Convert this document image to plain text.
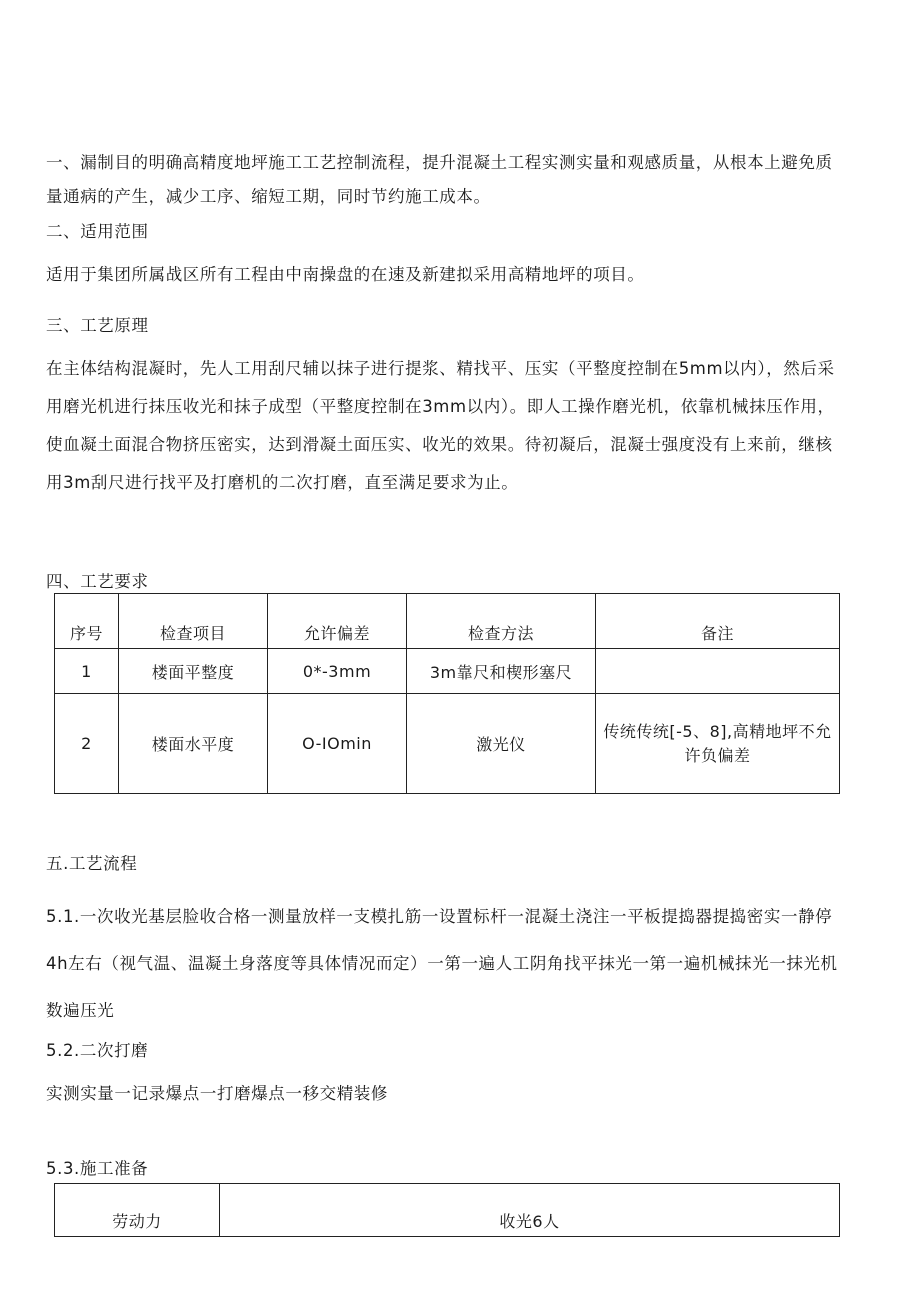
一、漏制目的明确高精度地坪施工工艺控制流程，提升混凝土工程实测实量和观感质量，从根本上避免质量通病的产生，减少工序、缩短工期，同时节约施工成本。

二、适用范围

适用于集团所属战区所有工程由中南操盘的在速及新建拟采用高精地坪的项目。

三、工艺原理

在主体结构混凝时，先人工用刮尺辅以抹子进行提浆、精找平、压实（平整度控制在5mm以内），然后采用磨光机进行抹压收光和抹子成型（平整度控制在3mm以内）。即人工操作磨光机，依靠机械抹压作用，使血凝土面混合物挤压密实，达到滑凝土面压实、收光的效果。待初凝后，混凝士强度没有上来前，继核用3m刮尺进行找平及打磨机的二次打磨，直至满足要求为止。

四、工艺要求

序号	检查项目	允许偏差	检查方法	备注
1	楼面平整度	0*-3mm	3m靠尺和楔形塞尺	
2	楼面水平度	O-IOmin	激光仪	传统传统[-5、8],高精地坪不允许负偏差

五.工艺流程

5.1.一次收光基层脸收合格一测量放样一支模扎筋一设置标杆一混凝土浇注一平板提捣器提捣密实一静停4h左右（视气温、温凝土身落度等具体情况而定）一第一遍人工阴角找平抹光一第一遍机械抹光一抹光机数遍压光

5.2.二次打磨

实测实量一记录爆点一打磨爆点一移交精装修

5.3.施工准备

劳动力	收光6人
